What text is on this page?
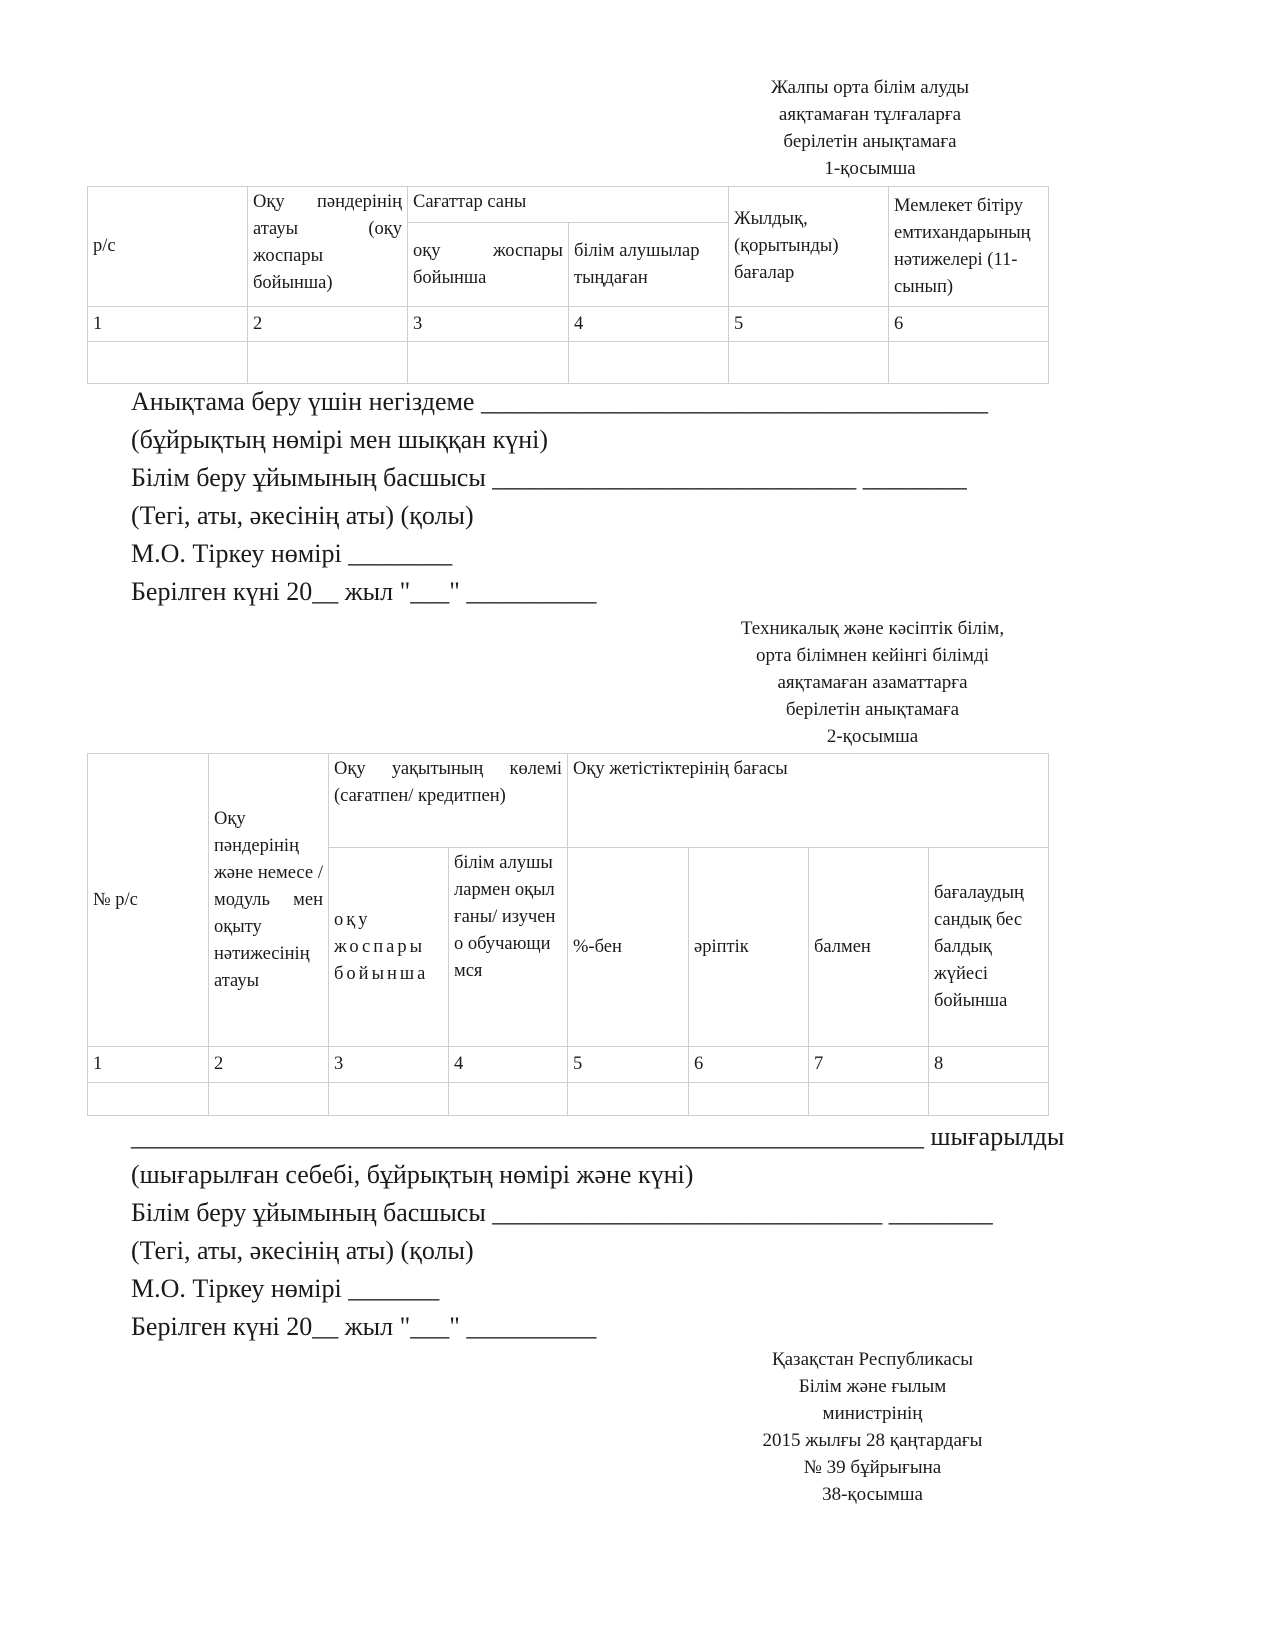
Жалпы орта білім алуды
аяқтамаған тұлғаларға
берілетін анықтамаға
1-қосымша
р/с	Оқу пәндерінің атауы (оқу жоспары бойынша)	Сағаттар саны		Жылдық, (қорытынды) бағалар	Мемлекет бітіру емтихандарының нәтижелері (11-сынып)
		оқу жоспары бойынша	білім алушылар тыңдаған		
1	2	3	4	5	6

Анықтама беру үшін негіздеме _______________________________________
(бұйрықтың нөмірі мен шыққан күні)
Білім беру ұйымының басшысы ____________________________ ________
(Тегі, аты, әкесінің аты) (қолы)
М.О. Тіркеу нөмірі ________
Берілген күні 20__ жыл "___" __________
Техникалық және кәсіптік білім,
орта білімнен кейінгі білімді
аяқтамаған азаматтарға
берілетін анықтамаға
2-қосымша
№ р/с	Оқу пәндерінің және немесе /модуль мен оқыту нәтижесінің атауы	Оқу уақытының көлемі (сағатпен/ кредитпен)		Оқу жетістіктерінің бағасы			
		оқу жоспары бойынша	білім алушылармен оқылғаны/ изучено обучающимся	%-бен	әріптік	балмен	бағалаудың сандық бес балдық жүйесі бойынша
1	2	3	4	5	6	7	8

_____________________________________________________________ шығарылды
(шығарылған себебі, бұйрықтың нөмірі және күні)
Білім беру ұйымының басшысы ______________________________ ________
(Тегі, аты, әкесінің аты) (қолы)
М.О. Тіркеу нөмірі _______
Берілген күні 20__ жыл "___" __________
Қазақстан Республикасы
Білім және ғылым
министрінің
2015 жылғы 28 қаңтардағы
№ 39 бұйрығына
38-қосымша
